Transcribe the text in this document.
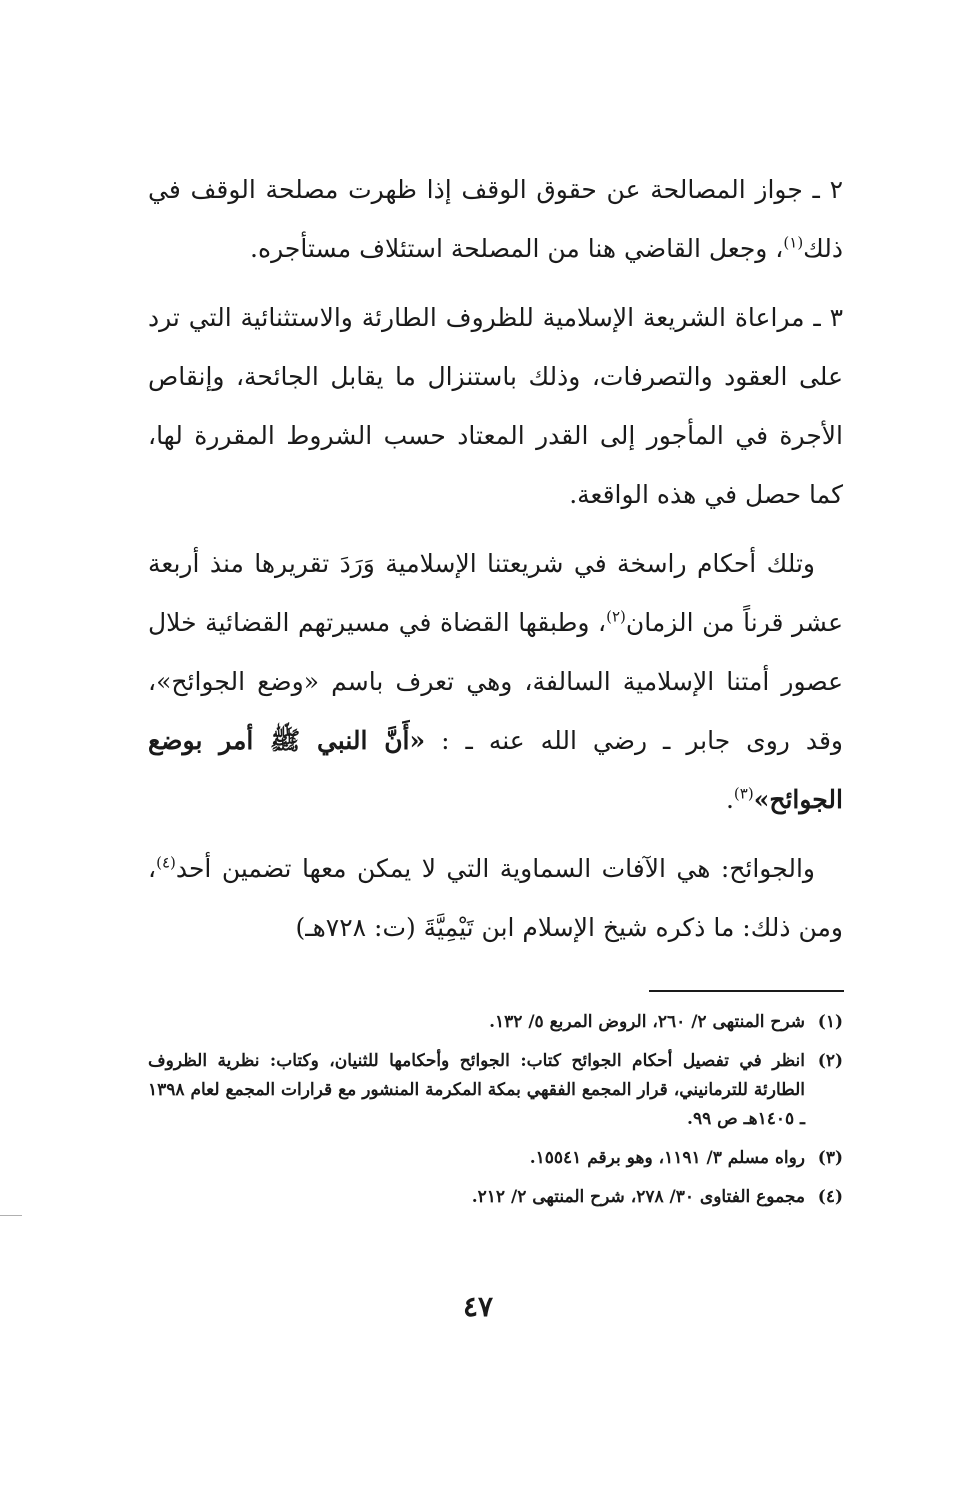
٢ ـ جواز المصالحة عن حقوق الوقف إذا ظهرت مصلحة الوقف في ذلك$^{(١)}$، وجعل القاضي هنا من المصلحة استئلاف مستأجره.

٣ ـ مراعاة الشريعة الإسلامية للظروف الطارئة والاستثنائية التي ترد على العقود والتصرفات، وذلك باستنزال ما يقابل الجائحة، وإنقاص الأجرة في المأجور إلى القدر المعتاد حسب الشروط المقررة لها، كما حصل في هذه الواقعة.

وتلك أحكام راسخة في شريعتنا الإسلامية وَرَدَ تقريرها منذ أربعة عشر قرناً من الزمان$^{(٢)}$، وطبقها القضاة في مسيرتهم القضائية خلال عصور أمتنا الإسلامية السالفة، وهي تعرف باسم «وضع الجوائح»، وقد روى جابر ـ رضي الله عنه ـ : «أَنَّ النبي ﷺ أمر بوضع الجوائح»$^{(٣)}$.

والجوائح: هي الآفات السماوية التي لا يمكن معها تضمين أحد$^{(٤)}$، ومن ذلك: ما ذكره شيخ الإسلام ابن تَيْمِيَّةَ (ت: ٧٢٨هـ)

(١)
شرح المنتهى ٢/ ٢٦٠، الروض المربع ٥/ ١٣٢.
(٢)
انظر في تفصيل أحكام الجوائح كتاب: الجوائح وأحكامها للثنيان، وكتاب: نظرية الظروف الطارئة للترمانيني، قرار المجمع الفقهي بمكة المكرمة المنشور مع قرارات المجمع لعام ١٣٩٨ ـ ١٤٠٥هـ ص ٩٩.
(٣)
رواه مسلم ٣/ ١١٩١، وهو برقم ١٥٥٤١.
(٤)
مجموع الفتاوى ٣٠/ ٢٧٨، شرح المنتهى ٢/ ٢١٢.
٤٧
